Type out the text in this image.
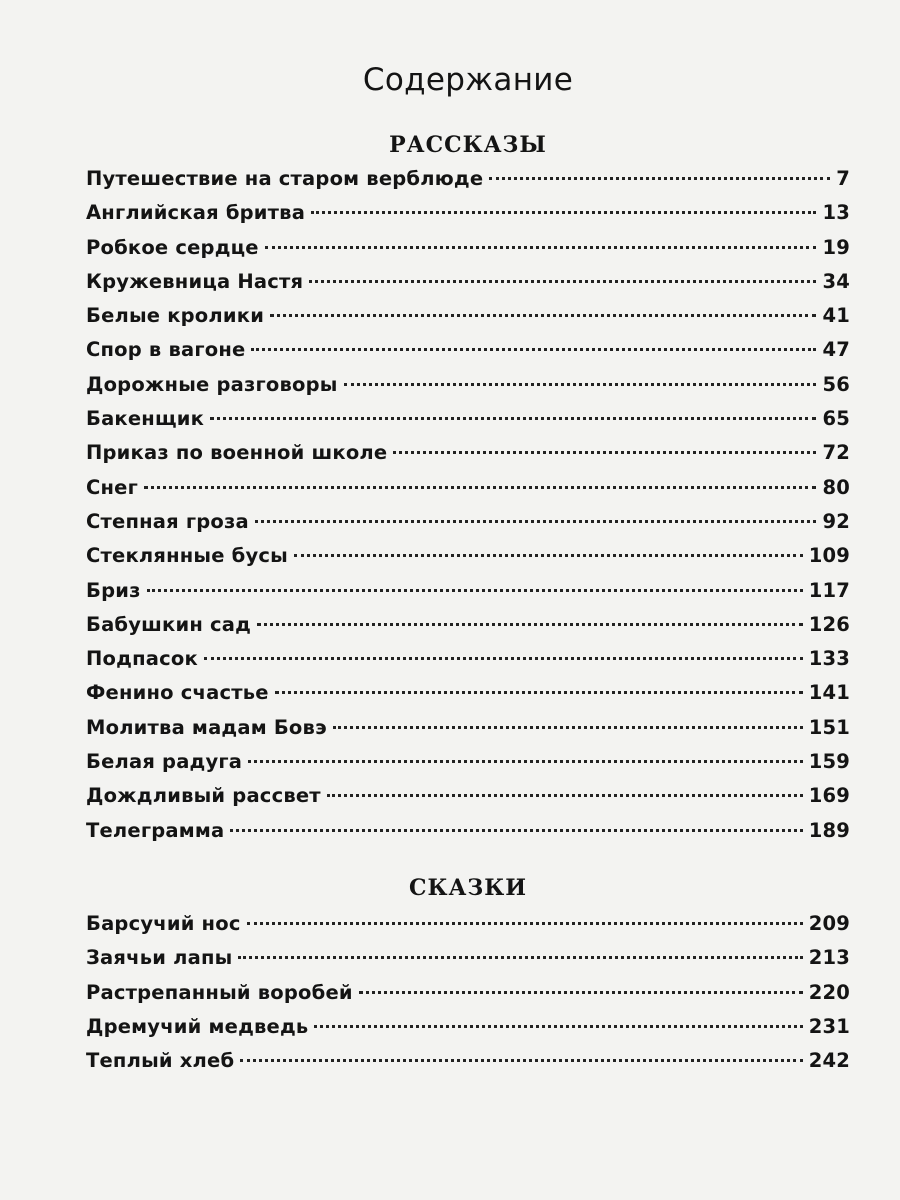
Содержание
РАССКАЗЫ
Путешествие на старом верблюде	7
Английская бритва	13
Робкое сердце	19
Кружевница Настя	34
Белые кролики	41
Спор в вагоне	47
Дорожные разговоры	56
Бакенщик	65
Приказ по военной школе	72
Снег	80
Степная гроза	92
Стеклянные бусы	109
Бриз	117
Бабушкин сад	126
Подпасок	133
Фенино счастье	141
Молитва мадам Бовэ	151
Белая радуга	159
Дождливый рассвет	169
Телеграмма	189
СКАЗКИ
Барсучий нос	209
Заячьи лапы	213
Растрепанный воробей	220
Дремучий медведь	231
Теплый хлеб	242
